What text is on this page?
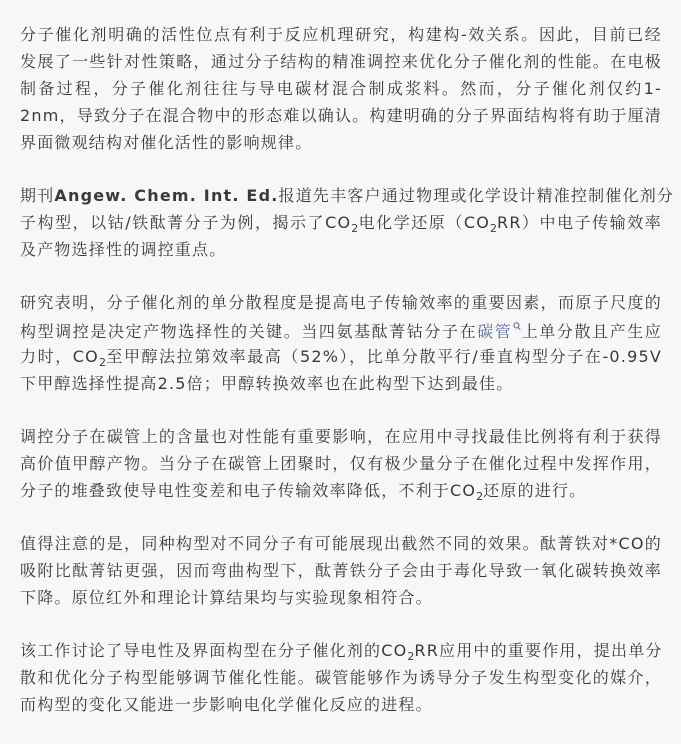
分子催化剂明确的活性位点有利于反应机理研究，构建构-效关系。因此，目前已经
发展了一些针对性策略，通过分子结构的精准调控来优化分子催化剂的性能。在电极
制备过程，分子催化剂往往与导电碳材混合制成浆料。然而，分子催化剂仅约1-
2nm，导致分子在混合物中的形态难以确认。构建明确的分子界面结构将有助于厘清
界面微观结构对催化活性的影响规律。
期刊Angew. Chem. Int. Ed.报道先丰客户通过物理或化学设计精准控制催化剂分
子构型，以钴/铁酞菁分子为例，揭示了$CO_2$电化学还原$(CO_2RR)$中电子传输效率
及产物选择性的调控重点。
研究表明，分子催化剂的单分散程度是提高电子传输效率的重要因素，而原子尺度的
构型调控是决定产物选择性的关键。当四氨基酞菁钴分子在碳管 上单分散且产生应
力时，$CO_2$至甲醇法拉第效率最高（52%），比单分散平行/垂直构型分子在-0.95V
下甲醇选择性提高2.5倍；甲醇转换效率也在此构型下达到最佳。
调控分子在碳管上的含量也对性能有重要影响，在应用中寻找最佳比例将有利于获得
高价值甲醇产物。当分子在碳管上团聚时，仅有极少量分子在催化过程中发挥作用，
分子的堆叠致使导电性变差和电子传输效率降低，不利于$CO_2$还原的进行。
值得注意的是，同种构型对不同分子有可能展现出截然不同的效果。酞菁铁对*CO的
吸附比酞菁钴更强，因而弯曲构型下，酞菁铁分子会由于毒化导致一氧化碳转换效率
下降。原位红外和理论计算结果均与实验现象相符合。
该工作讨论了导电性及界面构型在分子催化剂的$CO_2RR$应用中的重要作用，提出单分
散和优化分子构型能够调节催化性能。碳管能够作为诱导分子发生构型变化的媒介，
而构型的变化又能进一步影响电化学催化反应的进程。
